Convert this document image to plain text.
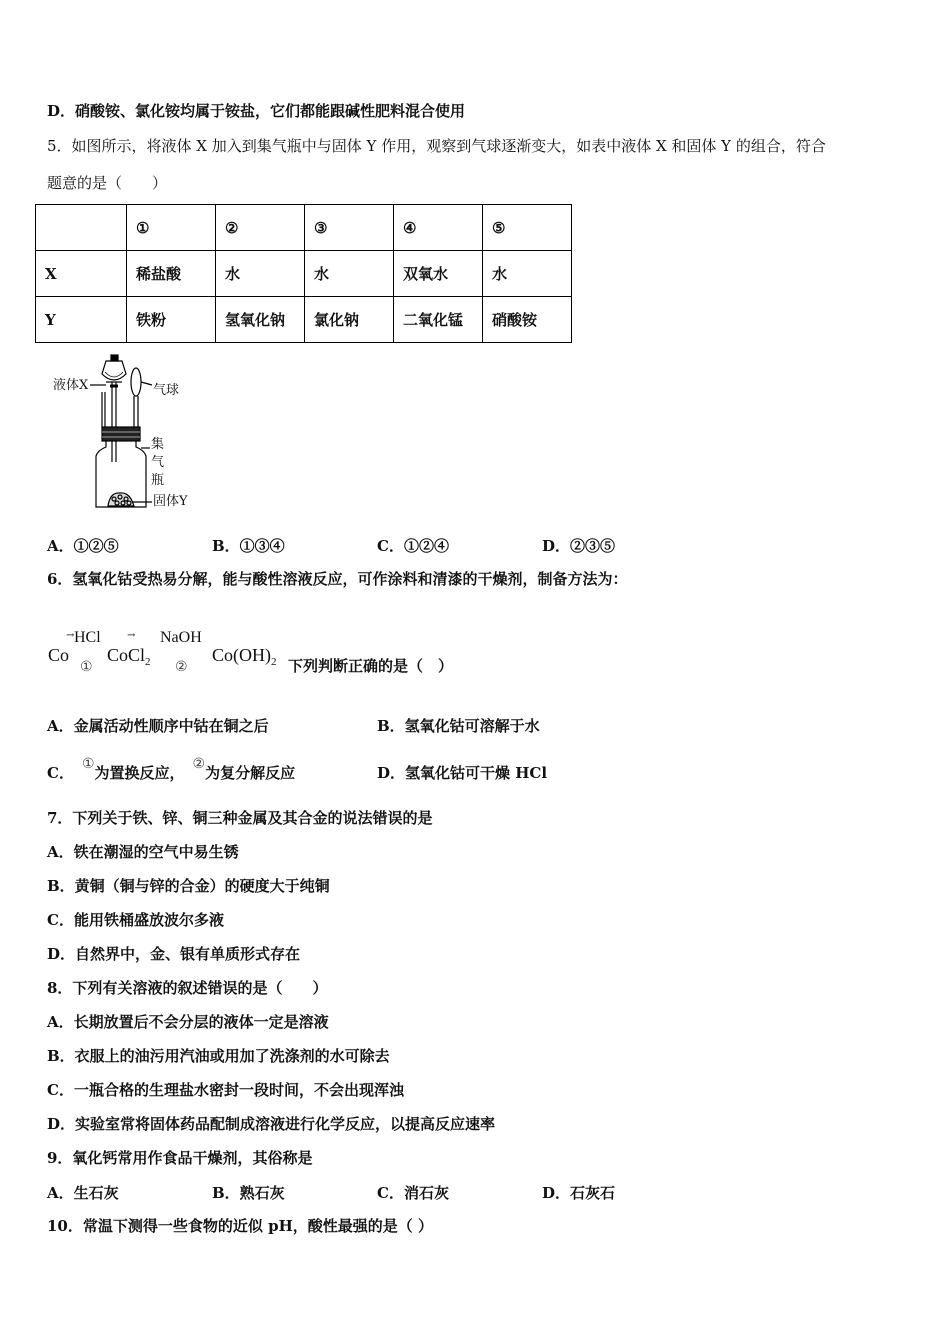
D．硝酸铵、氯化铵均属于铵盐，它们都能跟碱性肥料混合使用
5．如图所示，将液体 X 加入到集气瓶中与固体 Y 作用，观察到气球逐渐变大，如表中液体 X 和固体 Y 的组合，符合
题意的是（　　）
	①	②	③	④	⑤
X	稀盐酸	水	水	双氧水	水
Y	铁粉	氢氧化钠	氯化钠	二氧化锰	硝酸铵
液体X	气球
集
气
瓶
固体Y
A．①②⑤	B．①③④	C．①②④	D．②③⑤
6．氢氧化钴受热易分解，能与酸性溶液反应，可作涂料和清漆的干燥剂，制备方法为：
Co
→ HCl
①
CoCl$_2$
→ NaOH
②
$Co(OH)_2$ 下列判断正确的是（　）
A．金属活动性顺序中钴在铜之后	B．氢氧化钴可溶解于水
C． ①为置换反应， ②为复分解反应	D．氢氧化钴可干燥 HCl
7．下列关于铁、锌、铜三种金属及其合金的说法错误的是
A．铁在潮湿的空气中易生锈
B．黄铜（铜与锌的合金）的硬度大于纯铜
C．能用铁桶盛放波尔多液
D．自然界中，金、银有单质形式存在
8．下列有关溶液的叙述错误的是（　　）
A．长期放置后不会分层的液体一定是溶液
B．衣服上的油污用汽油或用加了洗涤剂的水可除去
C．一瓶合格的生理盐水密封一段时间，不会出现浑浊
D．实验室常将固体药品配制成溶液进行化学反应，以提高反应速率
9．氧化钙常用作食品干燥剂，其俗称是
A．生石灰	B．熟石灰	C．消石灰	D．石灰石
10．常温下测得一些食物的近似 pH，酸性最强的是（ ）
